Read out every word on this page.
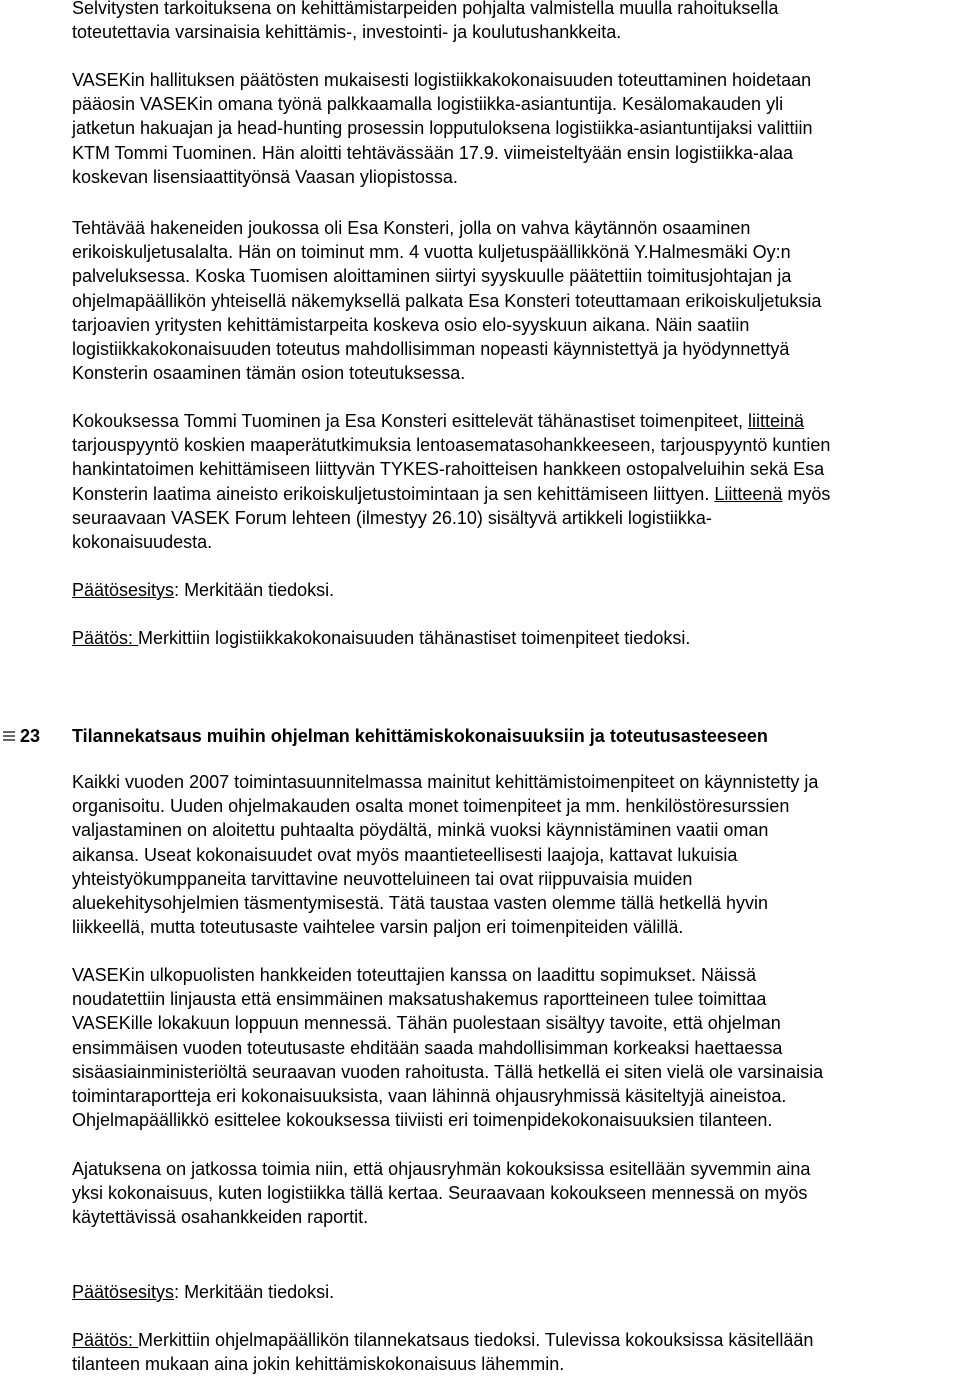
Selvitysten tarkoituksena on kehittämistarpeiden pohjalta valmistella muulla rahoituksella
toteutettavia varsinaisia kehittämis-, investointi- ja koulutushankkeita.
VASEKin hallituksen päätösten mukaisesti logistiikkakokonaisuuden toteuttaminen hoidetaan
pääosin VASEKin omana työnä palkkaamalla logistiikka-asiantuntija. Kesälomakauden yli
jatketun hakuajan ja head-hunting prosessin lopputuloksena logistiikka-asiantuntijaksi valittiin
KTM Tommi Tuominen. Hän aloitti tehtävässään 17.9. viimeisteltyään ensin logistiikka-alaa
koskevan lisensiaattityönsä Vaasan yliopistossa.
Tehtävää hakeneiden joukossa oli Esa Konsteri, jolla on vahva käytännön osaaminen
erikoiskuljetusalalta. Hän on toiminut mm. 4 vuotta kuljetuspäällikkönä Y.Halmesmäki Oy:n
palveluksessa. Koska Tuomisen aloittaminen siirtyi syyskuulle päätettiin toimitusjohtajan ja
ohjelmapäällikön yhteisellä näkemyksellä palkata Esa Konsteri toteuttamaan erikoiskuljetuksia
tarjoavien yritysten kehittämistarpeita koskeva osio elo-syyskuun aikana. Näin saatiin
logistiikkakokonaisuuden toteutus mahdollisimman nopeasti käynnistettyä ja hyödynnettyä
Konsterin osaaminen tämän osion toteutuksessa.
Kokouksessa Tommi Tuominen ja Esa Konsteri esittelevät tähänastiset toimenpiteet, liitteinä
tarjouspyyntö koskien maaperätutkimuksia lentoasematasohankkeeseen, tarjouspyyntö kuntien
hankintatoimen kehittämiseen liittyvän TYKES-rahoitteisen hankkeen ostopalveluihin sekä Esa
Konsterin laatima aineisto erikoiskuljetustoimintaan ja sen kehittämiseen liittyen. Liitteenä myös
seuraavaan VASEK Forum lehteen (ilmestyy 26.10) sisältyvä artikkeli logistiikka-
kokonaisuudesta.
Päätösesitys: Merkitään tiedoksi.
Päätös: Merkittiin logistiikkakokonaisuuden tähänastiset toimenpiteet tiedoksi.
23 Tilannekatsaus muihin ohjelman kehittämiskokonaisuuksiin ja toteutusasteeseen
Kaikki vuoden 2007 toimintasuunnitelmassa mainitut kehittämistoimenpiteet on käynnistetty ja
organisoitu. Uuden ohjelmakauden osalta monet toimenpiteet ja mm. henkilöstöresurssien
valjastaminen on aloitettu puhtaalta pöydältä, minkä vuoksi käynnistäminen vaatii oman
aikansa. Useat kokonaisuudet ovat myös maantieteellisesti laajoja, kattavat lukuisia
yhteistyökumppaneita tarvittavine neuvotteluineen tai ovat riippuvaisia muiden
aluekehitysohjelmien täsmentymisestä. Tätä taustaa vasten olemme tällä hetkellä hyvin
liikkeellä, mutta toteutusaste vaihtelee varsin paljon eri toimenpiteiden välillä.
VASEKin ulkopuolisten hankkeiden toteuttajien kanssa on laadittu sopimukset. Näissä
noudatettiin linjausta että ensimmäinen maksatushakemus raportteineen tulee toimittaa
VASEKille lokakuun loppuun mennessä. Tähän puolestaan sisältyy tavoite, että ohjelman
ensimmäisen vuoden toteutusaste ehditään saada mahdollisimman korkeaksi haettaessa
sisäasiainministeriöltä seuraavan vuoden rahoitusta. Tällä hetkellä ei siten vielä ole varsinaisia
toimintaraportteja eri kokonaisuuksista, vaan lähinnä ohjausryhmissä käsiteltyjä aineistoa.
Ohjelmapäällikkö esittelee kokouksessa tiiviisti eri toimenpidekokonaisuuksien tilanteen.
Ajatuksena on jatkossa toimia niin, että ohjausryhmän kokouksissa esitellään syvemmin aina
yksi kokonaisuus, kuten logistiikka tällä kertaa. Seuraavaan kokoukseen mennessä on myös
käytettävissä osahankkeiden raportit.
Päätösesitys: Merkitään tiedoksi.
Päätös: Merkittiin ohjelmapäällikön tilannekatsaus tiedoksi. Tulevissa kokouksissa käsitellään
tilanteen mukaan aina jokin kehittämiskokonaisuus lähemmin.
